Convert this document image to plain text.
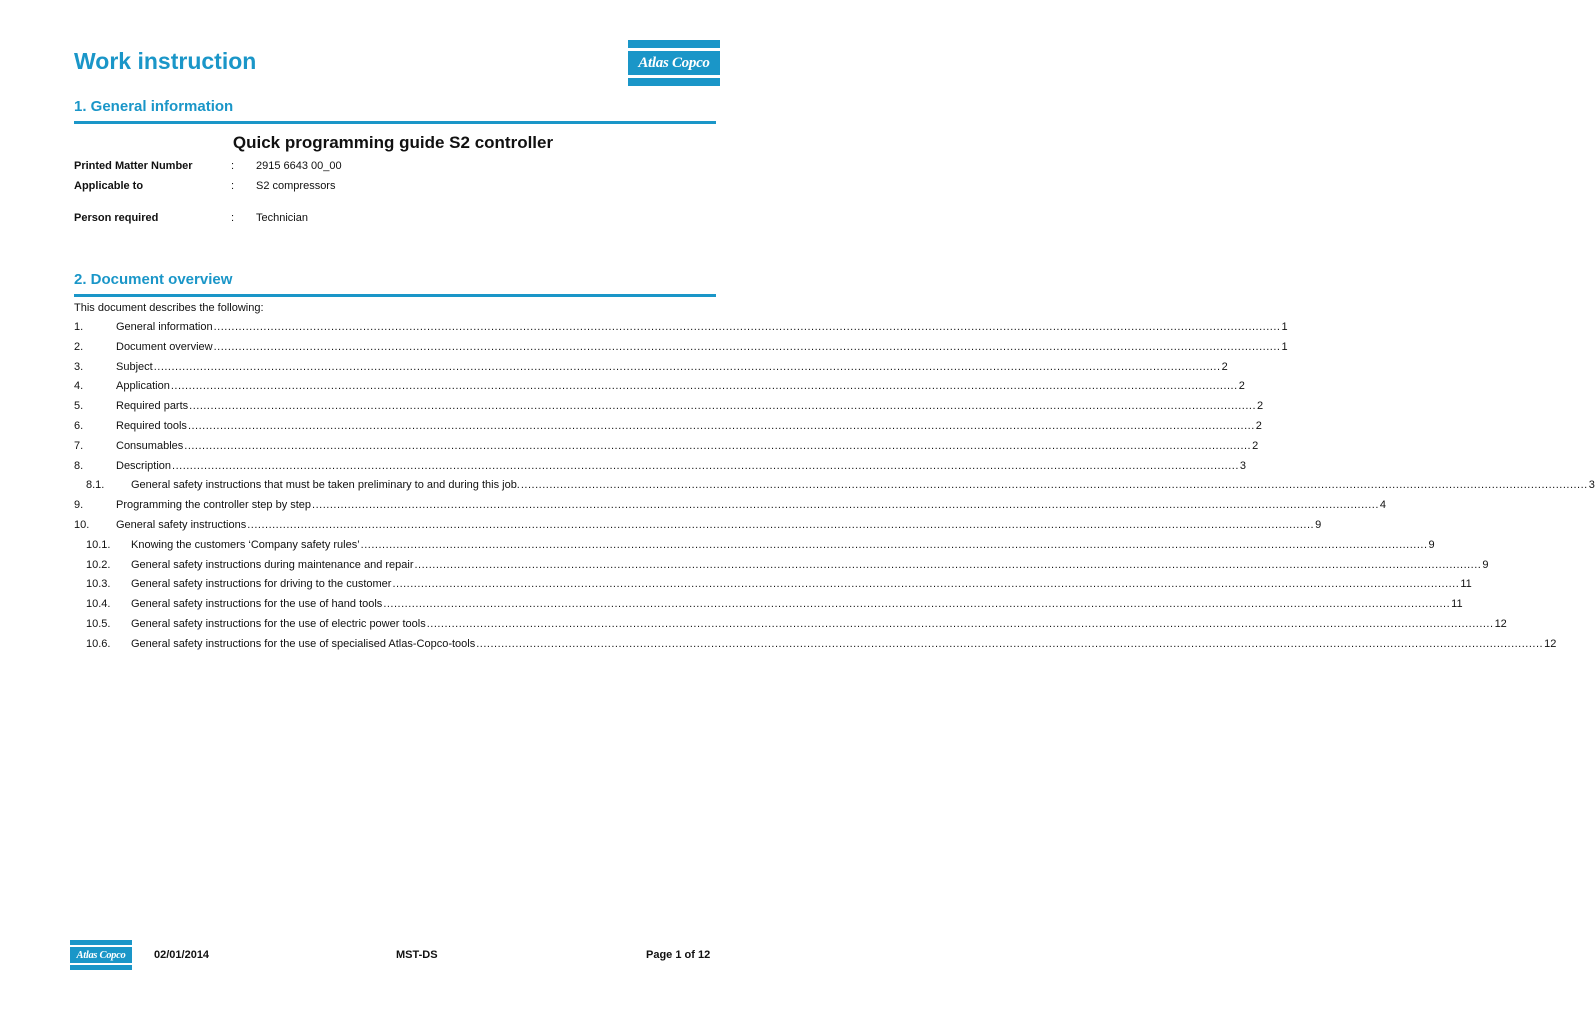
Work instruction	Atlas Copco
1. General information
Quick programming guide S2 controller
Printed Matter Number	:	2915 6643 00_00
Applicable to	:	S2 compressors
Person required	:	Technician
2. Document overview
This document describes the following:
1.	General information ............................................................................................................................................................................................................................................................................................................ 1
2.	Document overview ............................................................................................................................................................................................................................................................................................................ 1
3.	Subject ............................................................................................................................................................................................................................................................................................................ 2
4.	Application ............................................................................................................................................................................................................................................................................................................ 2
5.	Required parts ............................................................................................................................................................................................................................................................................................................ 2
6.	Required tools ............................................................................................................................................................................................................................................................................................................ 2
7.	Consumables ............................................................................................................................................................................................................................................................................................................ 2
8.	Description ............................................................................................................................................................................................................................................................................................................ 3
8.1.	General safety instructions that must be taken preliminary to and during this job. ............................................................................................................................................................................................................................................................................................................ 3
9.	Programming the controller step by step ............................................................................................................................................................................................................................................................................................................ 4
10.	General safety instructions ............................................................................................................................................................................................................................................................................................................ 9
10.1.	Knowing the customers ‘Company safety rules’ ............................................................................................................................................................................................................................................................................................................ 9
10.2.	General safety instructions during maintenance and repair ............................................................................................................................................................................................................................................................................................................ 9
10.3.	General safety instructions for driving to the customer ............................................................................................................................................................................................................................................................................................................ 11
10.4.	General safety instructions for the use of hand tools ............................................................................................................................................................................................................................................................................................................ 11
10.5.	General safety instructions for the use of electric power tools ............................................................................................................................................................................................................................................................................................................ 12
10.6.	General safety instructions for the use of specialised Atlas-Copco-tools ............................................................................................................................................................................................................................................................................................................ 12
Atlas Copco	02/01/2014	MST-DS	Page 1 of 12
